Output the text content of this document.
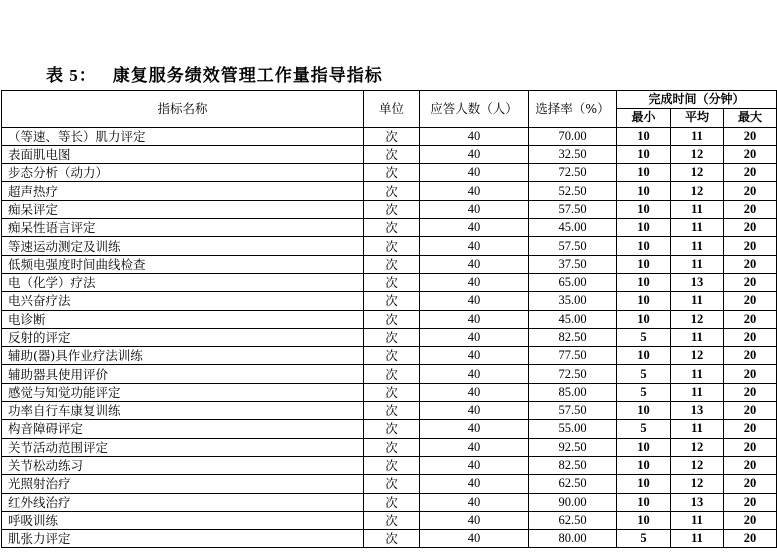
表 5： 康复服务绩效管理工作量指导指标
指标名称	单位	应答人数（人）	选择率（%）	完成时间（分钟）		
				最小	平均	最大
（等速、等长）肌力评定	次	40	70.00	10	11	20
表面肌电图	次	40	32.50	10	12	20
步态分析（动力）	次	40	72.50	10	12	20
超声热疗	次	40	52.50	10	12	20
痴呆评定	次	40	57.50	10	11	20
痴呆性语言评定	次	40	45.00	10	11	20
等速运动测定及训练	次	40	57.50	10	11	20
低频电强度时间曲线检查	次	40	37.50	10	11	20
电（化学）疗法	次	40	65.00	10	13	20
电兴奋疗法	次	40	35.00	10	11	20
电诊断	次	40	45.00	10	12	20
反射的评定	次	40	82.50	5	11	20
辅助(器)具作业疗法训练	次	40	77.50	10	12	20
辅助器具使用评价	次	40	72.50	5	11	20
感觉与知觉功能评定	次	40	85.00	5	11	20
功率自行车康复训练	次	40	57.50	10	13	20
构音障碍评定	次	40	55.00	5	11	20
关节活动范围评定	次	40	92.50	10	12	20
关节松动练习	次	40	82.50	10	12	20
光照射治疗	次	40	62.50	10	12	20
红外线治疗	次	40	90.00	10	13	20
呼吸训练	次	40	62.50	10	11	20
肌张力评定	次	40	80.00	5	11	20
